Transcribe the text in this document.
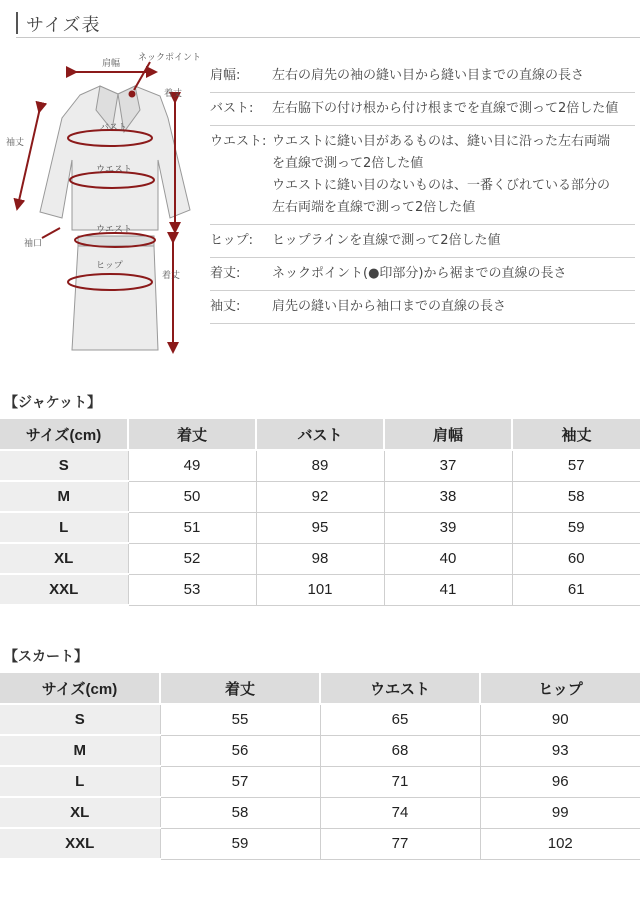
サイズ表
肩幅
ネックポイント
着丈
袖丈
バスト
ウエスト
ウエスト
ヒップ
袖口
着丈
肩幅:	左右の肩先の袖の縫い目から縫い目までの直線の長さ
バスト:	左右脇下の付け根から付け根までを直線で測って2倍した値
ウエスト: ウエストに縫い目があるものは、縫い目に沿った左右両端
を直線で測って2倍した値
ウエストに縫い目のないものは、一番くびれている部分の
左右両端を直線で測って2倍した値
ヒップ:	ヒップラインを直線で測って2倍した値
着丈:	ネックポイント(●印部分)から裾までの直線の長さ
袖丈:	肩先の縫い目から袖口までの直線の長さ
【ジャケット】
サイズ(cm)	着丈	バスト	肩幅	袖丈
S	49	89	37	57
M	50	92	38	58
L	51	95	39	59
XL	52	98	40	60
XXL	53	101	41	61
【スカート】
サイズ(cm)	着丈	ウエスト	ヒップ
S	55	65	90
M	56	68	93
L	57	71	96
XL	58	74	99
XXL	59	77	102
